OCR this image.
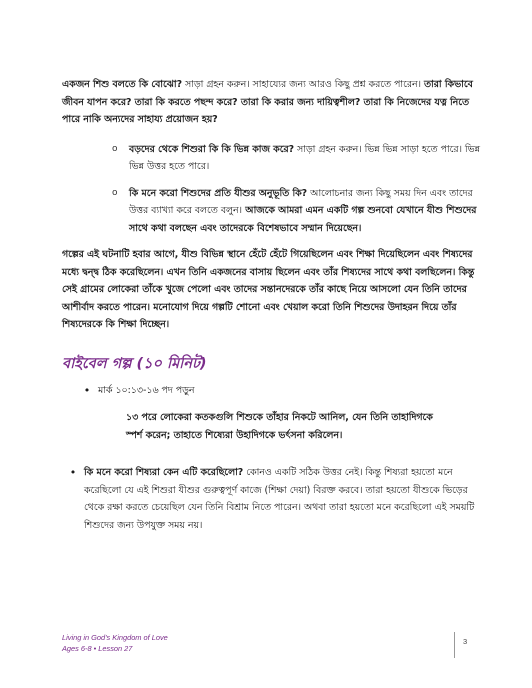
একজন শিশু বলতে কি বোঝো? সাড়া গ্রহন করুন। সাহায্যের জন্য আরও কিছু প্রশ্ন করতে পারেন। তারা কিভাবে জীবন যাপন করে? তারা কি করতে পছন্দ করে? তারা কি করার জন্য দায়িত্বশীল? তারা কি নিজেদের যত্ন নিতে পারে নাকি অন্যদের সাহায্য প্রয়োজন হয়?

o	বড়দের থেকে শিশুরা কি কি ভিন্ন কাজ করে? সাড়া গ্রহন করুন। ভিন্ন ভিন্ন সাড়া হতে পারে। ভিন্ন ভিন্ন উত্তর হতে পারে।

o	কি মনে করো শিশুদের প্রতি যীশুর অনুভূতি কি? আলোচনার জন্য কিছু সময় দিন এবং তাদের উত্তর ব্যাখ্যা করে বলতে বলুন। আজকে আমরা এমন একটি গল্প শুনবো যেখানে যীশু শিশুদের সাথে কথা বলছেন এবং তাদেরকে বিশেষভাবে সম্মান দিয়েছেন।

গল্পের এই ঘটনাটি হবার আগে, যীশু বিভিন্ন স্থানে হেঁটে হেঁটে গিয়েছিলেন এবং শিক্ষা দিয়েছিলেন এবং শিষ্যদের মধ্যে দ্বন্দ্ব ঠিক করেছিলেন। এখন তিনি একজনের বাসায় ছিলেন এবং তাঁর শিষ্যদের সাথে কথা বলছিলেন। কিন্তু সেই গ্রামের লোকেরা তাঁকে খুজে পেলো এবং তাদের সন্তানদেরকে তাঁর কাছে নিয়ে আসলো যেন তিনি তাদের আশীর্বাদ করতে পারেন। মনোযোগ দিয়ে গল্পটি শোনো এবং খেয়াল করো তিনি শিশুদের উদাহরন দিয়ে তাঁর শিষ্যদেরকে কি শিক্ষা দিচ্ছেন।

বাইবেল গল্প (১০ মিনিট)
• মার্ক ১০:১৩-১৬ পদ পড়ুন

১৩ পরে লোকেরা কতকগুলি শিশুকে তাঁহার নিকটে আনিল, যেন তিনি তাহাদিগকে স্পর্শ করেন; তাহাতে শিষ্যেরা উহাদিগকে ভর্ৎসনা করিলেন।

• কি মনে করো শিষ্যরা কেন এটি করেছিলো? কোনও একটি সঠিক উত্তর নেই। কিন্তু শিষ্যরা হয়তো মনে করেছিলো যে এই শিশুরা যীশুর গুরুত্বপূর্ণ কাজে (শিক্ষা দেয়া) বিরক্ত করবে। তারা হয়তো যীশুকে ভিড়ের থেকে রক্ষা করতে চেয়েছিল যেন তিনি বিশ্রাম নিতে পারেন। অথবা তারা হয়তো মনে করেছিলো এই সময়টি শিশুদের জন্য উপযুক্ত সময় নয়।

Living in God's Kingdom of Love
Ages 6-8 • Lesson 27
3
